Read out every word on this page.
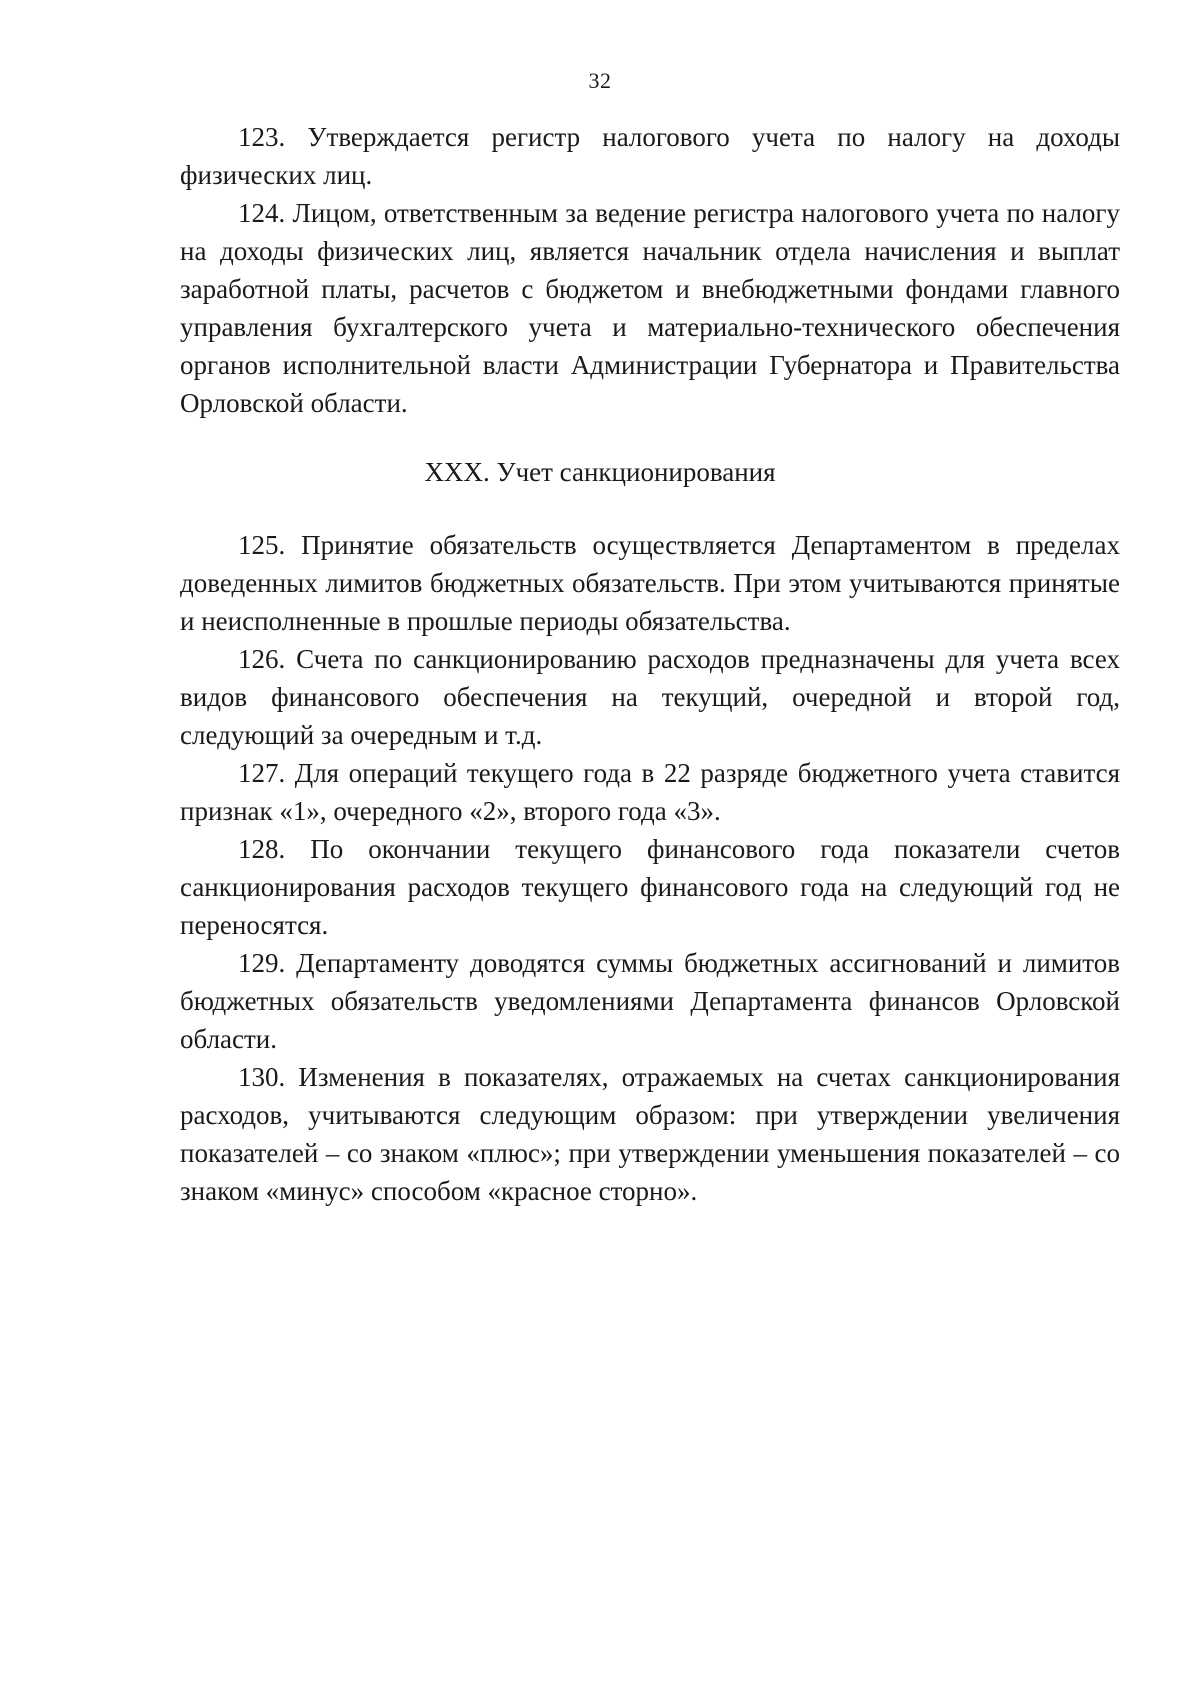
32

123. Утверждается регистр налогового учета по налогу на доходы физических лиц.

124. Лицом, ответственным за ведение регистра налогового учета по налогу на доходы физических лиц, является начальник отдела начисления и выплат заработной платы, расчетов с бюджетом и внебюджетными фондами главного управления бухгалтерского учета и материально-технического обеспечения органов исполнительной власти Администрации Губернатора и Правительства Орловской области.

XXX. Учет санкционирования

125. Принятие обязательств осуществляется Департаментом в пределах доведенных лимитов бюджетных обязательств. При этом учитываются принятые и неисполненные в прошлые периоды обязательства.

126. Счета по санкционированию расходов предназначены для учета всех видов финансового обеспечения на текущий, очередной и второй год, следующий за очередным и т.д.

127. Для операций текущего года в 22 разряде бюджетного учета ставится признак «1», очередного «2», второго года «3».

128. По окончании текущего финансового года показатели счетов санкционирования расходов текущего финансового года на следующий год не переносятся.

129. Департаменту доводятся суммы бюджетных ассигнований и лимитов бюджетных обязательств уведомлениями Департамента финансов Орловской области.

130. Изменения в показателях, отражаемых на счетах санкционирования расходов, учитываются следующим образом: при утверждении увеличения показателей – со знаком «плюс»; при утверждении уменьшения показателей – со знаком «минус» способом «красное сторно».
